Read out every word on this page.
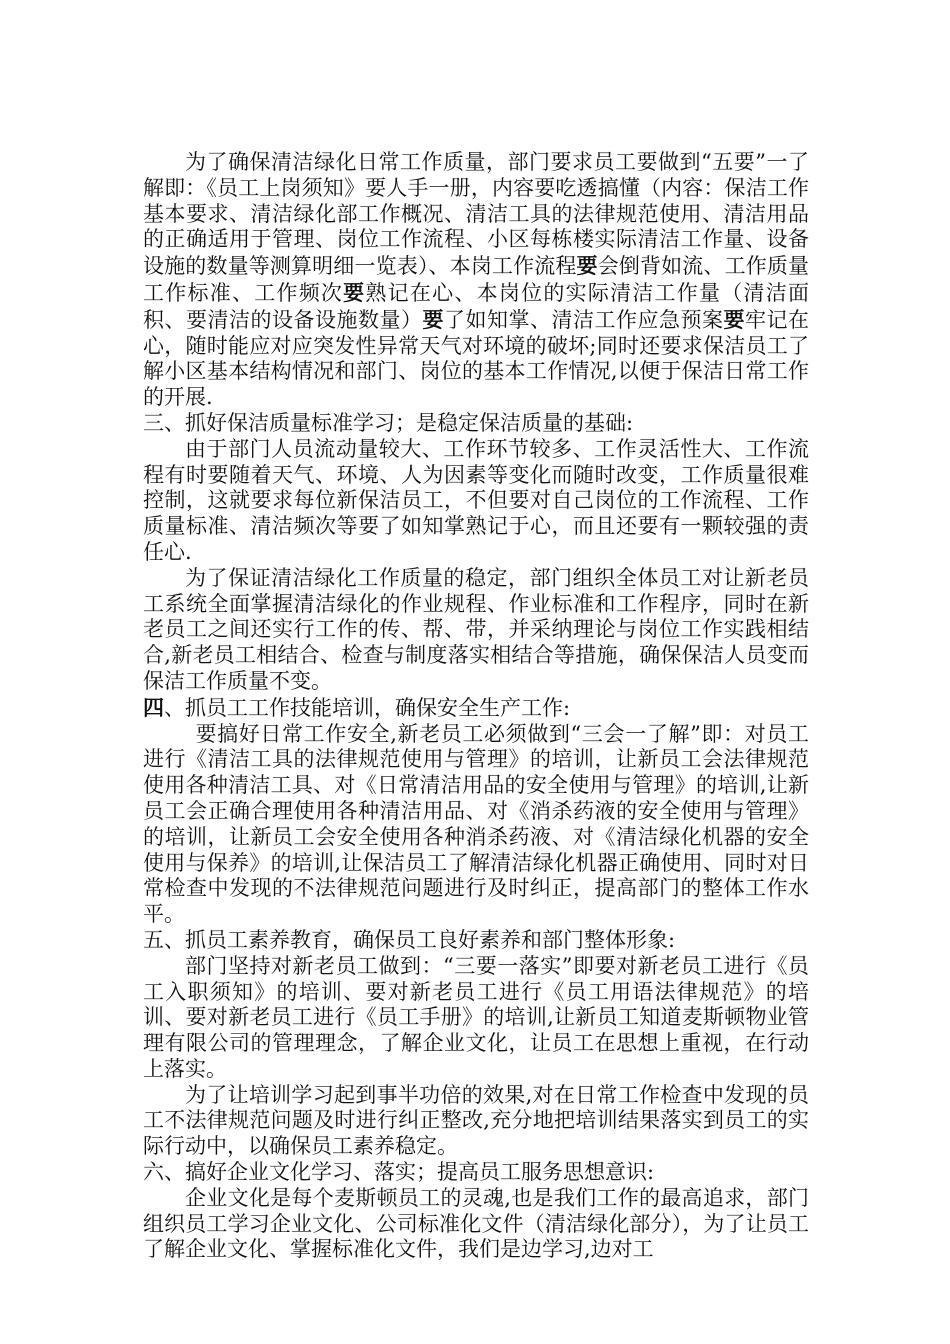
为了确保清洁绿化日常工作质量，部门要求员工要做到“五要”一了解即：《员工上岗须知》要人手一册，内容要吃透搞懂（内容：保洁工作基本要求、清洁绿化部工作概况、清洁工具的法律规范使用、清洁用品的正确适用于管理、岗位工作流程、小区每栋楼实际清洁工作量、设备设施的数量等测算明细一览表）、本岗工作流程要会倒背如流、工作质量工作标准、工作频次要熟记在心、本岗位的实际清洁工作量（清洁面积、要清洁的设备设施数量）要了如知掌、清洁工作应急预案要牢记在心，随时能应对应突发性异常天气对环境的破坏;同时还要求保洁员工了解小区基本结构情况和部门、岗位的基本工作情况,以便于保洁日常工作的开展.

三、抓好保洁质量标准学习；是稳定保洁质量的基础:

由于部门人员流动量较大、工作环节较多、工作灵活性大、工作流程有时要随着天气、环境、人为因素等变化而随时改变，工作质量很难控制，这就要求每位新保洁员工，不但要对自己岗位的工作流程、工作质量标准、清洁频次等要了如知掌熟记于心，而且还要有一颗较强的责任心.

为了保证清洁绿化工作质量的稳定，部门组织全体员工对让新老员工系统全面掌握清洁绿化的作业规程、作业标准和工作程序，同时在新老员工之间还实行工作的传、帮、带，并采纳理论与岗位工作实践相结合,新老员工相结合、检查与制度落实相结合等措施，确保保洁人员变而保洁工作质量不变。

四、抓员工工作技能培训，确保安全生产工作:

要搞好日常工作安全,新老员工必须做到“三会一了解”即：对员工进行《清洁工具的法律规范使用与管理》的培训，让新员工会法律规范使用各种清洁工具、对《日常清洁用品的安全使用与管理》的培训,让新员工会正确合理使用各种清洁用品、对《消杀药液的安全使用与管理》的培训，让新员工会安全使用各种消杀药液、对《清洁绿化机器的安全使用与保养》的培训,让保洁员工了解清洁绿化机器正确使用、同时对日常检查中发现的不法律规范问题进行及时纠正，提高部门的整体工作水平。

五、抓员工素养教育，确保员工良好素养和部门整体形象:

部门坚持对新老员工做到：“三要一落实”即要对新老员工进行《员工入职须知》的培训、要对新老员工进行《员工用语法律规范》的培训、要对新老员工进行《员工手册》的培训,让新员工知道麦斯顿物业管理有限公司的管理理念，了解企业文化，让员工在思想上重视，在行动上落实。

为了让培训学习起到事半功倍的效果,对在日常工作检查中发现的员工不法律规范问题及时进行纠正整改,充分地把培训结果落实到员工的实际行动中，以确保员工素养稳定。

六、搞好企业文化学习、落实；提高员工服务思想意识:

企业文化是每个麦斯顿员工的灵魂,也是我们工作的最高追求，部门组织员工学习企业文化、公司标准化文件（清洁绿化部分），为了让员工了解企业文化、掌握标准化文件，我们是边学习,边对工
